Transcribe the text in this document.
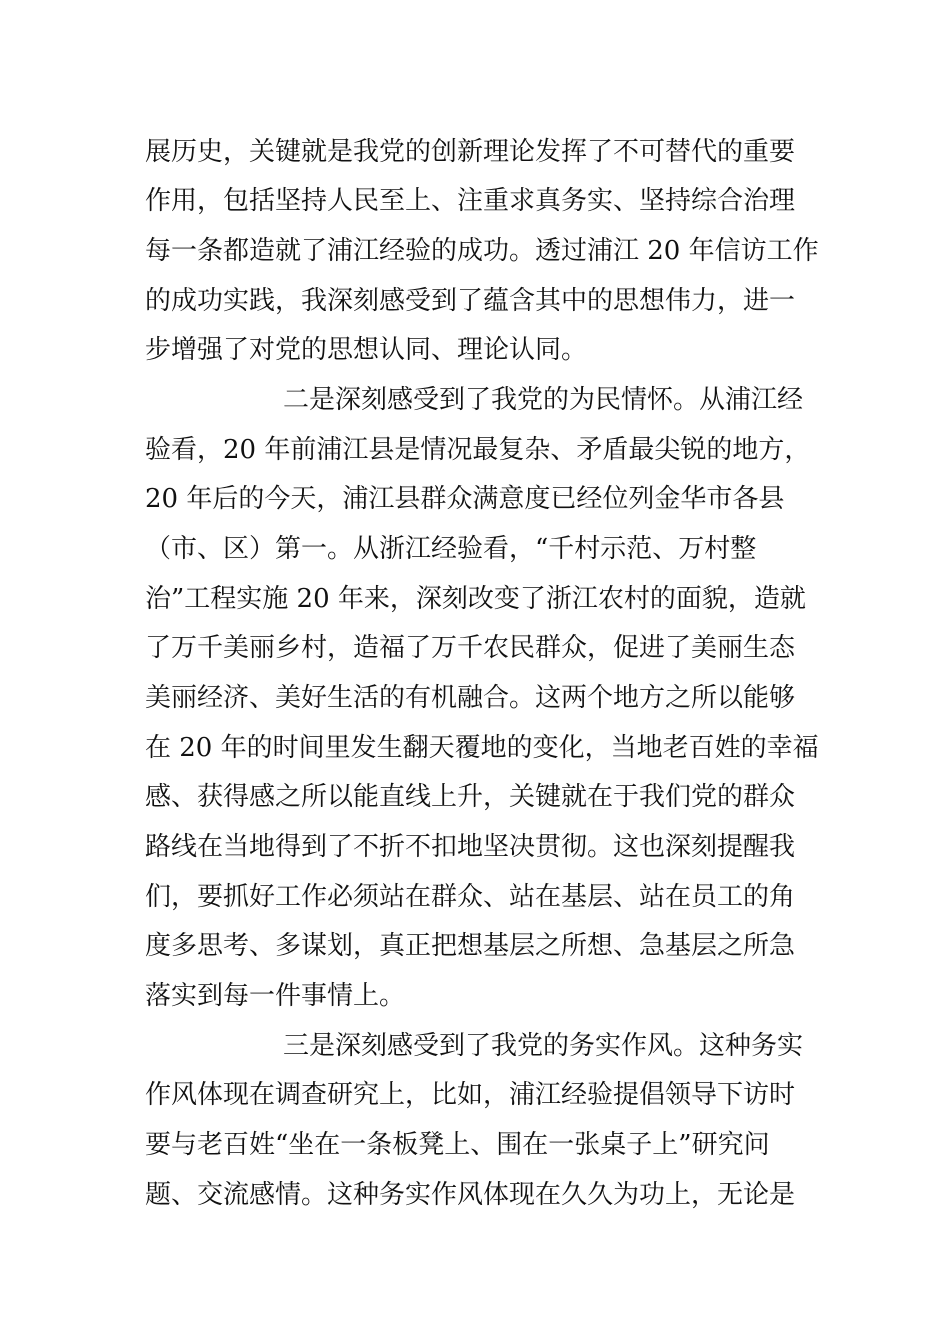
展历史，关键就是我党的创新理论发挥了不可替代的重要
作用，包括坚持人民至上、注重求真务实、坚持综合治理
每一条都造就了浦江经验的成功。透过浦江 20 年信访工作
的成功实践，我深刻感受到了蕴含其中的思想伟力，进一
步增强了对党的思想认同、理论认同。
二是深刻感受到了我党的为民情怀。从浦江经
验看，20 年前浦江县是情况最复杂、矛盾最尖锐的地方，
20 年后的今天，浦江县群众满意度已经位列金华市各县
（市、区）第一。从浙江经验看，“千村示范、万村整
治”工程实施 20 年来，深刻改变了浙江农村的面貌，造就
了万千美丽乡村，造福了万千农民群众，促进了美丽生态
美丽经济、美好生活的有机融合。这两个地方之所以能够
在 20 年的时间里发生翻天覆地的变化，当地老百姓的幸福
感、获得感之所以能直线上升，关键就在于我们党的群众
路线在当地得到了不折不扣地坚决贯彻。这也深刻提醒我
们，要抓好工作必须站在群众、站在基层、站在员工的角
度多思考、多谋划，真正把想基层之所想、急基层之所急
落实到每一件事情上。
三是深刻感受到了我党的务实作风。这种务实
作风体现在调查研究上，比如，浦江经验提倡领导下访时
要与老百姓“坐在一条板凳上、围在一张桌子上”研究问
题、交流感情。这种务实作风体现在久久为功上，无论是
